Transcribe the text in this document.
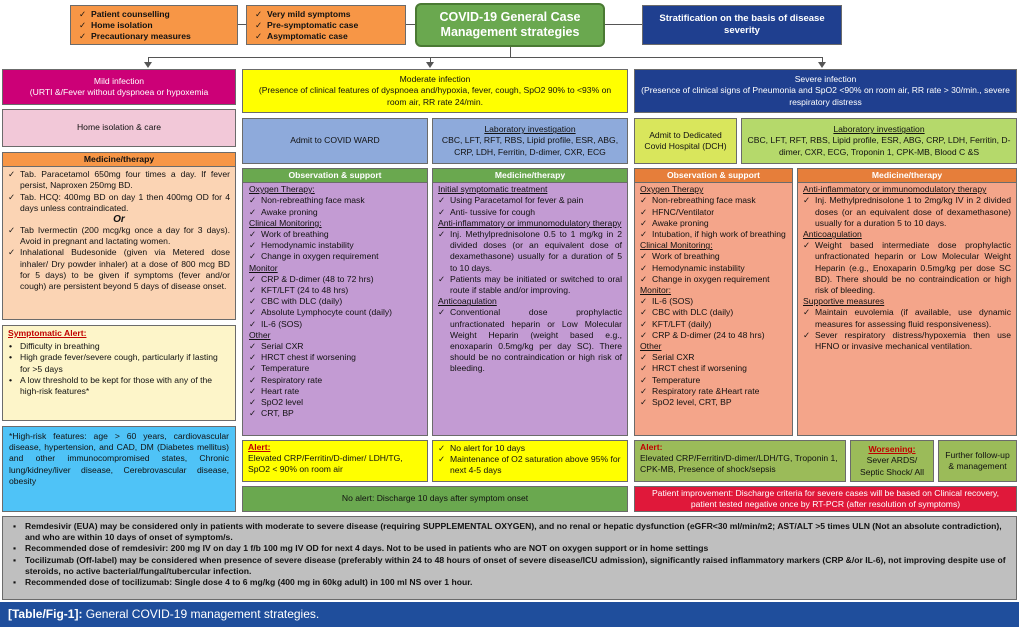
✓ Patient counselling
✓ Home isolation
✓ Precautionary measures
✓ Very mild symptoms
✓ Pre-symptomatic case
✓ Asymptomatic case
COVID-19 General Case Management strategies
Stratification on the basis of disease severity
Mild infection
(URTI &/Fever without dyspnoea or hypoxemia
Moderate infection
(Presence of clinical features of dyspnoea and/hypoxia, fever, cough, SpO2 90% to <93% on room air, RR rate 24/min.
Severe infection
(Presence of clinical signs of Pneumonia and SpO2 <90% on room air, RR rate > 30/min., severe respiratory distress
Home isolation & care
Medicine/therapy
✓ Tab. Paracetamol 650mg four times a day. If fever persist, Naproxen 250mg BD.
✓ Tab. HCQ: 400mg BD on day 1 then 400mg OD for 4 days unless contraindicated.
Or
✓ Tab Ivermectin (200 mcg/kg once a day for 3 days). Avoid in pregnant and lactating women.
✓ Inhalational Budesonide (given via Metered dose inhaler/ Dry powder inhaler) at a dose of 800 mcg BD for 5 days) to be given if symptoms (fever and/or cough) are persistent beyond 5 days of disease onset.
Symptomatic Alert:
• Difficulty in breathing
• High grade fever/severe cough, particularly if lasting for >5 days
• A low threshold to be kept for those with any of the high-risk features*
*High-risk features: age > 60 years, cardiovascular disease, hypertension, and CAD, DM (Diabetes mellitus) and other immunocompromised states, Chronic lung/kidney/liver disease, Cerebrovascular disease, obesity
Admit to COVID WARD
Laboratory investigation
CBC, LFT, RFT, RBS, Lipid profile, ESR, ABG, CRP, LDH, Ferritin, D-dimer, CXR, ECG
Observation & support
Oxygen Therapy:
✓ Non-rebreathing face mask
✓ Awake proning
Clinical Monitoring:
✓ Work of breathing
✓ Hemodynamic instability
✓ Change in oxygen requirement
Monitor
✓ CRP & D-dimer (48 to 72 hrs)
✓ KFT/LFT (24 to 48 hrs)
✓ CBC with DLC (daily)
✓ Absolute Lymphocyte count (daily)
✓ IL-6 (SOS)
Other
✓ Serial CXR
✓ HRCT chest if worsening
✓ Temperature
✓ Respiratory rate
✓ Heart rate
✓ SpO2 level
✓ CRT, BP
Medicine/therapy
Initial symptomatic treatment
✓ Using Paracetamol for fever & pain
✓ Anti- tussive for cough
Anti-inflammatory or immunomodulatory therapy
✓ Inj. Methylprednisolone 0.5 to 1 mg/kg in 2 divided doses (or an equivalent dose of dexamethasone) usually for a duration of 5 to 10 days.
✓ Patients may be initiated or switched to oral route if stable and/or improving.
Anticoagulation
✓ Conventional dose prophylactic unfractionated heparin or Low Molecular Weight Heparin (weight based e.g., enoxaparin 0.5mg/kg per day SC). There should be no contraindication or high risk of bleeding.
Alert:
Elevated CRP/Ferritin/D-dimer/ LDH/TG, SpO2 < 90% on room air
✓ No alert for 10 days
✓ Maintenance of O2 saturation above 95% for next 4-5 days
No alert: Discharge 10 days after symptom onset
Admit to Dedicated Covid Hospital (DCH)
Laboratory investigation
CBC, LFT, RFT, RBS, Lipid profile, ESR, ABG, CRP, LDH, Ferritin, D-dimer, CXR, ECG, Troponin 1, CPK-MB, Blood C &S
Observation & support
Oxygen Therapy
✓ Non-rebreathing face mask
✓ HFNC/Ventilator
✓ Awake proning
✓ Intubation, if high work of breathing
Clinical Monitoring:
✓ Work of breathing
✓ Hemodynamic instability
✓ Change in oxygen requirement
Monitor:
✓ IL-6 (SOS)
✓ CBC with DLC (daily)
✓ KFT/LFT (daily)
✓ CRP & D-dimer (24 to 48 hrs)
Other
✓ Serial CXR
✓ HRCT chest if worsening
✓ Temperature
✓ Respiratory rate &Heart rate
✓ SpO2 level, CRT, BP
Medicine/therapy
Anti-inflammatory or immunomodulatory therapy
✓ Inj. Methylprednisolone 1 to 2mg/kg IV in 2 divided doses (or an equivalent dose of dexamethasone) usually for a duration 5 to 10 days.
Anticoagulation
✓ Weight based intermediate dose prophylactic unfractionated heparin or Low Molecular Weight Heparin (e.g., Enoxaparin 0.5mg/kg per dose SC BD). There should be no contraindication or high risk of bleeding.
Supportive measures
✓ Maintain euvolemia (if available, use dynamic measures for assessing fluid responsiveness).
✓ Sever respiratory distress/hypoxemia then use HFNO or invasive mechanical ventilation.
Alert:
Elevated CRP/Ferritin/D-dimer/LDH/TG, Troponin 1, CPK-MB, Presence of shock/sepsis
Worsening:
Sever ARDS/ Septic Shock/ All
Further follow-up & management
Patient improvement: Discharge criteria for severe cases will be based on Clinical recovery, patient tested negative once by RT-PCR (after resolution of symptoms)
▪ Remdesivir (EUA) may be considered only in patients with moderate to severe disease (requiring SUPPLEMENTAL OXYGEN), and no renal or hepatic dysfunction (eGFR<30 ml/min/m2; AST/ALT >5 times ULN (Not an absolute contradiction), and who are within 10 days of onset of symptom/s.
▪ Recommended dose of remdesivir: 200 mg IV on day 1 f/b 100 mg IV OD for next 4 days. Not to be used in patients who are NOT on oxygen support or in home settings
▪ Tocilizumab (Off-label) may be considered when presence of severe disease (preferably within 24 to 48 hours of onset of severe disease/ICU admission), significantly raised inflammatory markers (CRP &/or IL-6), not improving despite use of steroids, no active bacterial/fungal/tubercular infection.
▪ Recommended dose of tocilizumab: Single dose 4 to 6 mg/kg (400 mg in 60kg adult) in 100 ml NS over 1 hour.
[Table/Fig-1]: General COVID-19 management strategies.
